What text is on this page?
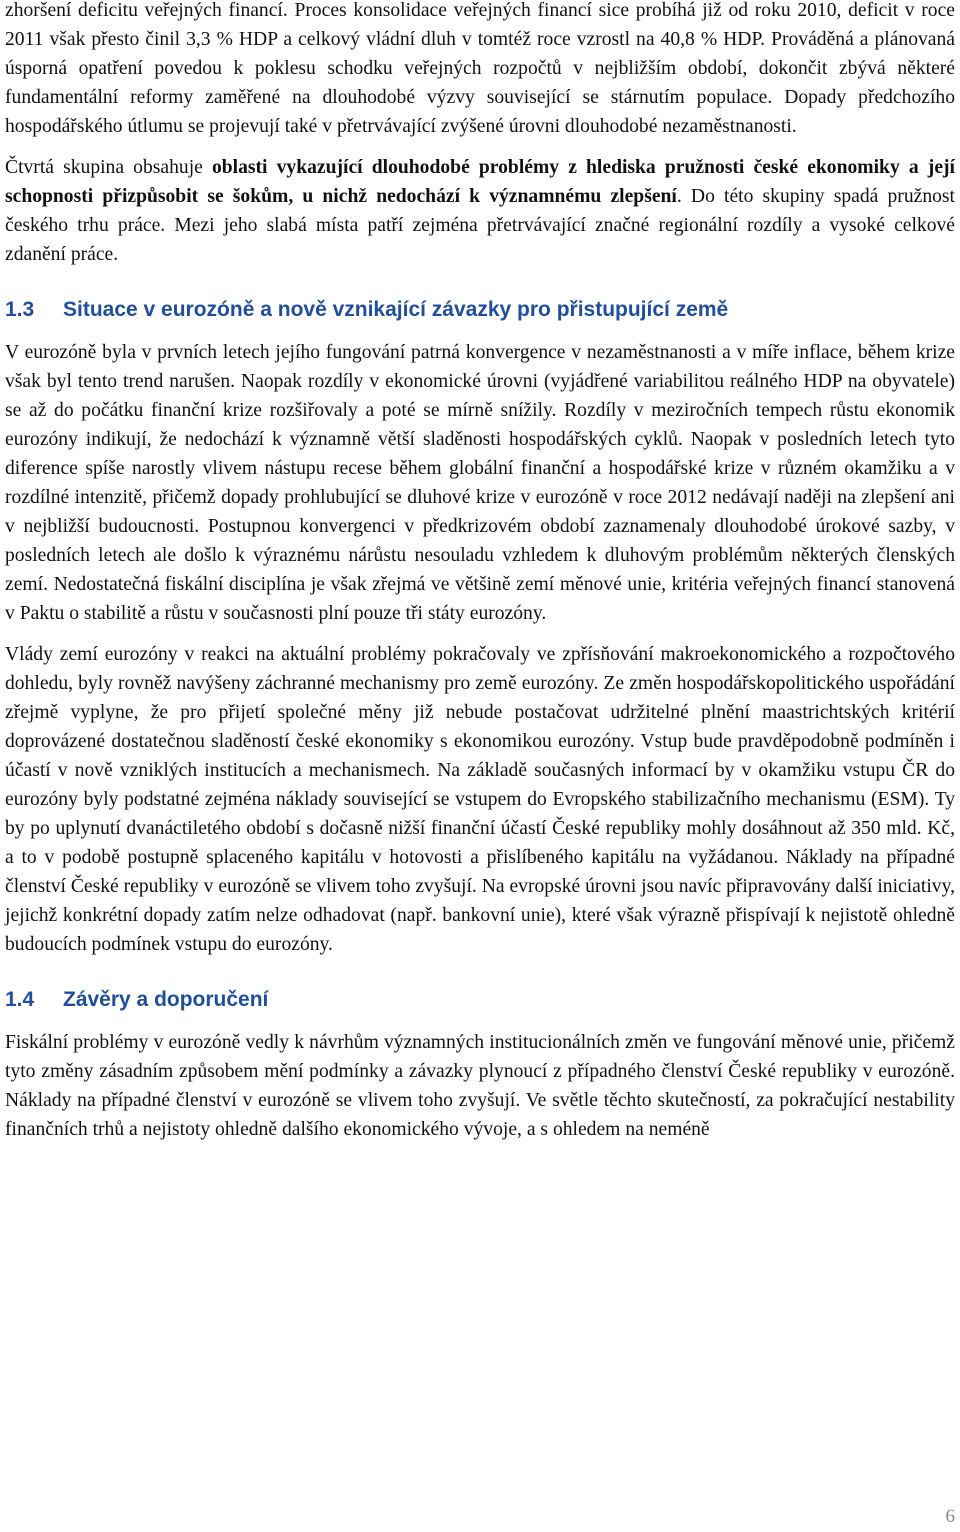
zhoršení deficitu veřejných financí. Proces konsolidace veřejných financí sice probíhá již od roku 2010, deficit v roce 2011 však přesto činil 3,3 % HDP a celkový vládní dluh v tomtéž roce vzrostl na 40,8 % HDP. Prováděná a plánovaná úsporná opatření povedou k poklesu schodku veřejných rozpočtů v nejbližším období, dokončit zbývá některé fundamentální reformy zaměřené na dlouhodobé výzvy související se stárnutím populace. Dopady předchozího hospodářského útlumu se projevují také v přetrvávající zvýšené úrovni dlouhodobé nezaměstnanosti.

Čtvrtá skupina obsahuje oblasti vykazující dlouhodobé problémy z hlediska pružnosti české ekonomiky a její schopnosti přizpůsobit se šokům, u nichž nedochází k významnému zlepšení. Do této skupiny spadá pružnost českého trhu práce. Mezi jeho slabá místa patří zejména přetrvávající značné regionální rozdíly a vysoké celkové zdanění práce.

1.3 Situace v eurozóně a nově vznikající závazky pro přistupující země

V eurozóně byla v prvních letech jejího fungování patrná konvergence v nezaměstnanosti a v míře inflace, během krize však byl tento trend narušen. Naopak rozdíly v ekonomické úrovni (vyjádřené variabilitou reálného HDP na obyvatele) se až do počátku finanční krize rozšiřovaly a poté se mírně snížily. Rozdíly v meziročních tempech růstu ekonomik eurozóny indikují, že nedochází k významně větší sladěnosti hospodářských cyklů. Naopak v posledních letech tyto diference spíše narostly vlivem nástupu recese během globální finanční a hospodářské krize v různém okamžiku a v rozdílné intenzitě, přičemž dopady prohlubující se dluhové krize v eurozóně v roce 2012 nedávají naději na zlepšení ani v nejbližší budoucnosti. Postupnou konvergenci v předkrizovém období zaznamenaly dlouhodobé úrokové sazby, v posledních letech ale došlo k výraznému nárůstu nesouladu vzhledem k dluhovým problémům některých členských zemí. Nedostatečná fiskální disciplína je však zřejmá ve většině zemí měnové unie, kritéria veřejných financí stanovená v Paktu o stabilitě a růstu v současnosti plní pouze tři státy eurozóny.

Vlády zemí eurozóny v reakci na aktuální problémy pokračovaly ve zpřísňování makroekonomického a rozpočtového dohledu, byly rovněž navýšeny záchranné mechanismy pro země eurozóny. Ze změn hospodářskopolitického uspořádání zřejmě vyplyne, že pro přijetí společné měny již nebude postačovat udržitelné plnění maastrichtských kritérií doprovázené dostatečnou sladěností české ekonomiky s ekonomikou eurozóny. Vstup bude pravděpodobně podmíněn i účastí v nově vzniklých institucích a mechanismech. Na základě současných informací by v okamžiku vstupu ČR do eurozóny byly podstatné zejména náklady související se vstupem do Evropského stabilizačního mechanismu (ESM). Ty by po uplynutí dvanáctiletého období s dočasně nižší finanční účastí České republiky mohly dosáhnout až 350 mld. Kč, a to v podobě postupně splaceného kapitálu v hotovosti a přislíbeného kapitálu na vyžádanou. Náklady na případné členství České republiky v eurozóně se vlivem toho zvyšují. Na evropské úrovni jsou navíc připravovány další iniciativy, jejichž konkrétní dopady zatím nelze odhadovat (např. bankovní unie), které však výrazně přispívají k nejistotě ohledně budoucích podmínek vstupu do eurozóny.

1.4 Závěry a doporučení

Fiskální problémy v eurozóně vedly k návrhům významných institucionálních změn ve fungování měnové unie, přičemž tyto změny zásadním způsobem mění podmínky a závazky plynoucí z případného členství České republiky v eurozóně. Náklady na případné členství v eurozóně se vlivem toho zvyšují. Ve světle těchto skutečností, za pokračující nestability finančních trhů a nejistoty ohledně dalšího ekonomického vývoje, a s ohledem na neméně

6
